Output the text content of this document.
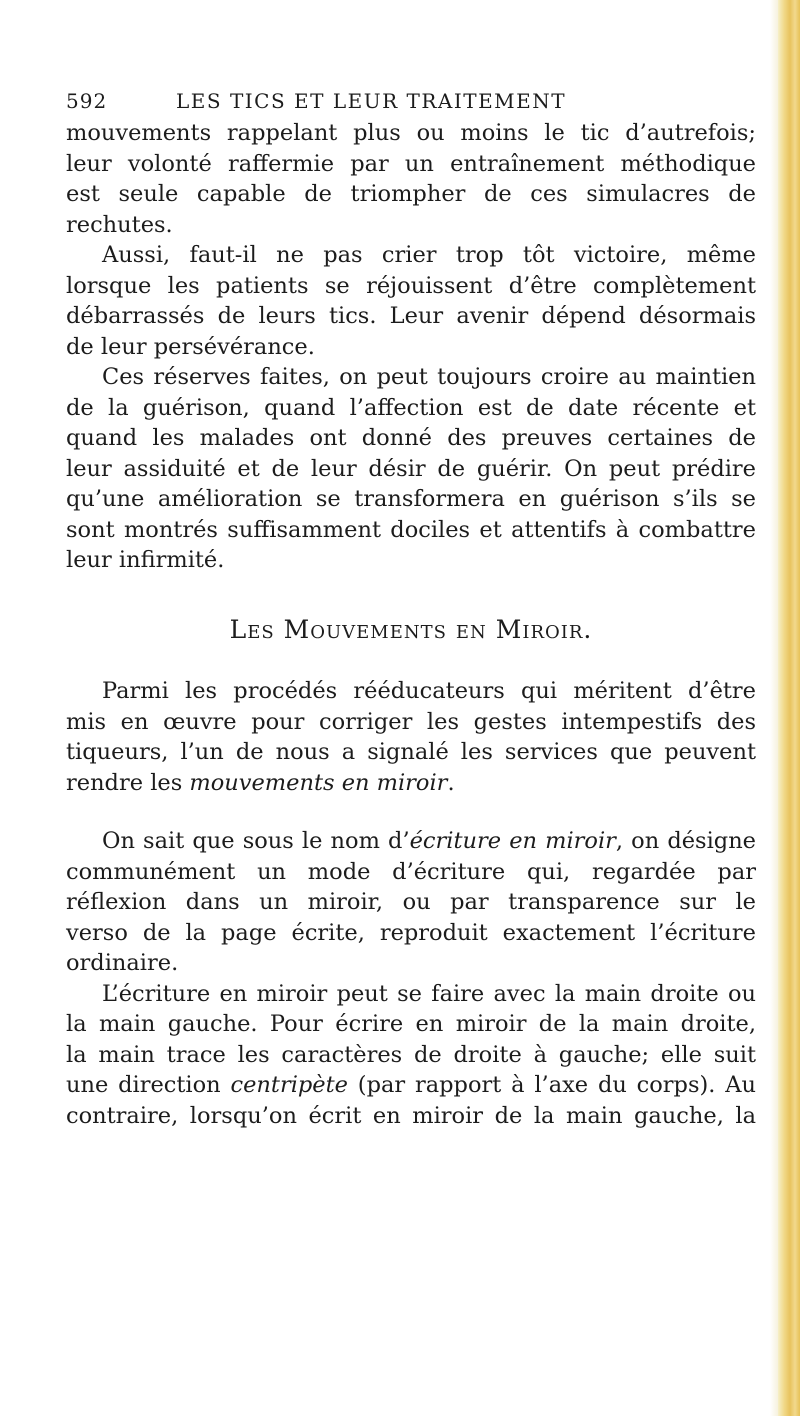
592	LES TICS ET LEUR TRAITEMENT
mouvements rappelant plus ou moins le tic d’autrefois;
leur volonté raffermie par un entraînement méthodique
est seule capable de triompher de ces simulacres de
rechutes.
Aussi, faut-il ne pas crier trop tôt victoire, même
lorsque les patients se réjouissent d’être complètement
débarrassés de leurs tics. Leur avenir dépend désormais
de leur persévérance.
Ces réserves faites, on peut toujours croire au maintien
de la guérison, quand l’affection est de date récente et
quand les malades ont donné des preuves certaines de
leur assiduité et de leur désir de guérir. On peut prédire
qu’une amélioration se transformera en guérison s’ils se
sont montrés suffisamment dociles et attentifs à combattre
leur infirmité.
Les Mouvements en Miroir.
Parmi les procédés rééducateurs qui méritent d’être
mis en œuvre pour corriger les gestes intempestifs des
tiqueurs, l’un de nous a signalé les services que peuvent
rendre les mouvements en miroir.
On sait que sous le nom d’écriture en miroir, on désigne
communément un mode d’écriture qui, regardée par
réflexion dans un miroir, ou par transparence sur le
verso de la page écrite, reproduit exactement l’écriture
ordinaire.
L’écriture en miroir peut se faire avec la main droite ou
la main gauche. Pour écrire en miroir de la main droite,
la main trace les caractères de droite à gauche; elle suit
une direction centripète (par rapport à l’axe du corps). Au
contraire, lorsqu’on écrit en miroir de la main gauche, la
